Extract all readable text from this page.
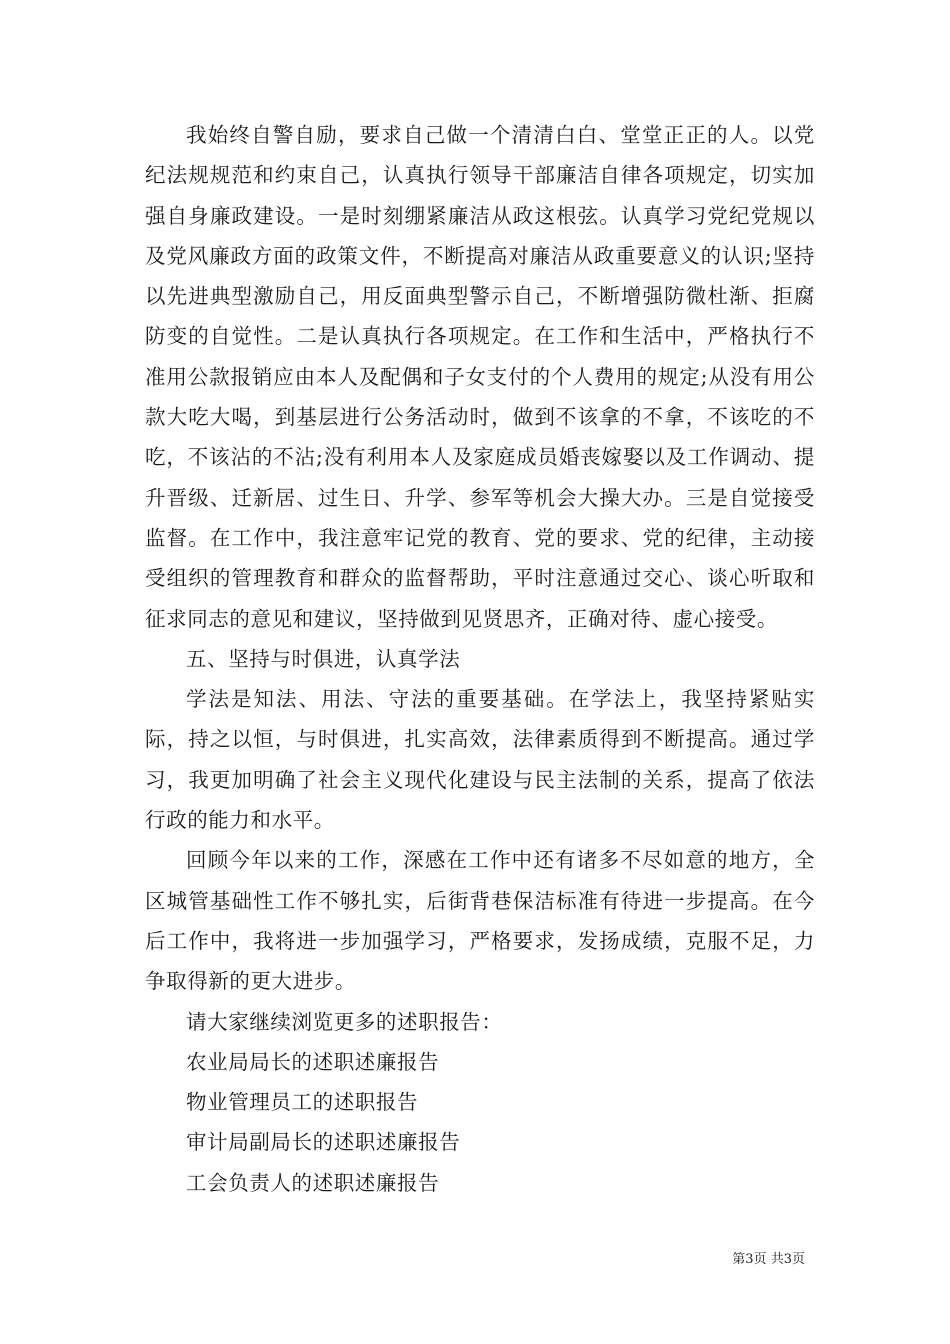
我始终自警自励，要求自己做一个清清白白、堂堂正正的人。以党纪法规规范和约束自己，认真执行领导干部廉洁自律各项规定，切实加强自身廉政建设。一是时刻绷紧廉洁从政这根弦。认真学习党纪党规以及党风廉政方面的政策文件，不断提高对廉洁从政重要意义的认识;坚持以先进典型激励自己，用反面典型警示自己，不断增强防微杜渐、拒腐防变的自觉性。二是认真执行各项规定。在工作和生活中，严格执行不准用公款报销应由本人及配偶和子女支付的个人费用的规定;从没有用公款大吃大喝，到基层进行公务活动时，做到不该拿的不拿，不该吃的不吃，不该沾的不沾;没有利用本人及家庭成员婚丧嫁娶以及工作调动、提升晋级、迁新居、过生日、升学、参军等机会大操大办。三是自觉接受监督。在工作中，我注意牢记党的教育、党的要求、党的纪律，主动接受组织的管理教育和群众的监督帮助，平时注意通过交心、谈心听取和征求同志的意见和建议，坚持做到见贤思齐，正确对待、虚心接受。

五、坚持与时俱进，认真学法

学法是知法、用法、守法的重要基础。在学法上，我坚持紧贴实际，持之以恒，与时俱进，扎实高效，法律素质得到不断提高。通过学习，我更加明确了社会主义现代化建设与民主法制的关系，提高了依法行政的能力和水平。

回顾今年以来的工作，深感在工作中还有诸多不尽如意的地方，全区城管基础性工作不够扎实，后街背巷保洁标准有待进一步提高。在今后工作中，我将进一步加强学习，严格要求，发扬成绩，克服不足，力争取得新的更大进步。

请大家继续浏览更多的述职报告：

农业局局长的述职述廉报告

物业管理员工的述职报告

审计局副局长的述职述廉报告

工会负责人的述职述廉报告

第3页 共3页
